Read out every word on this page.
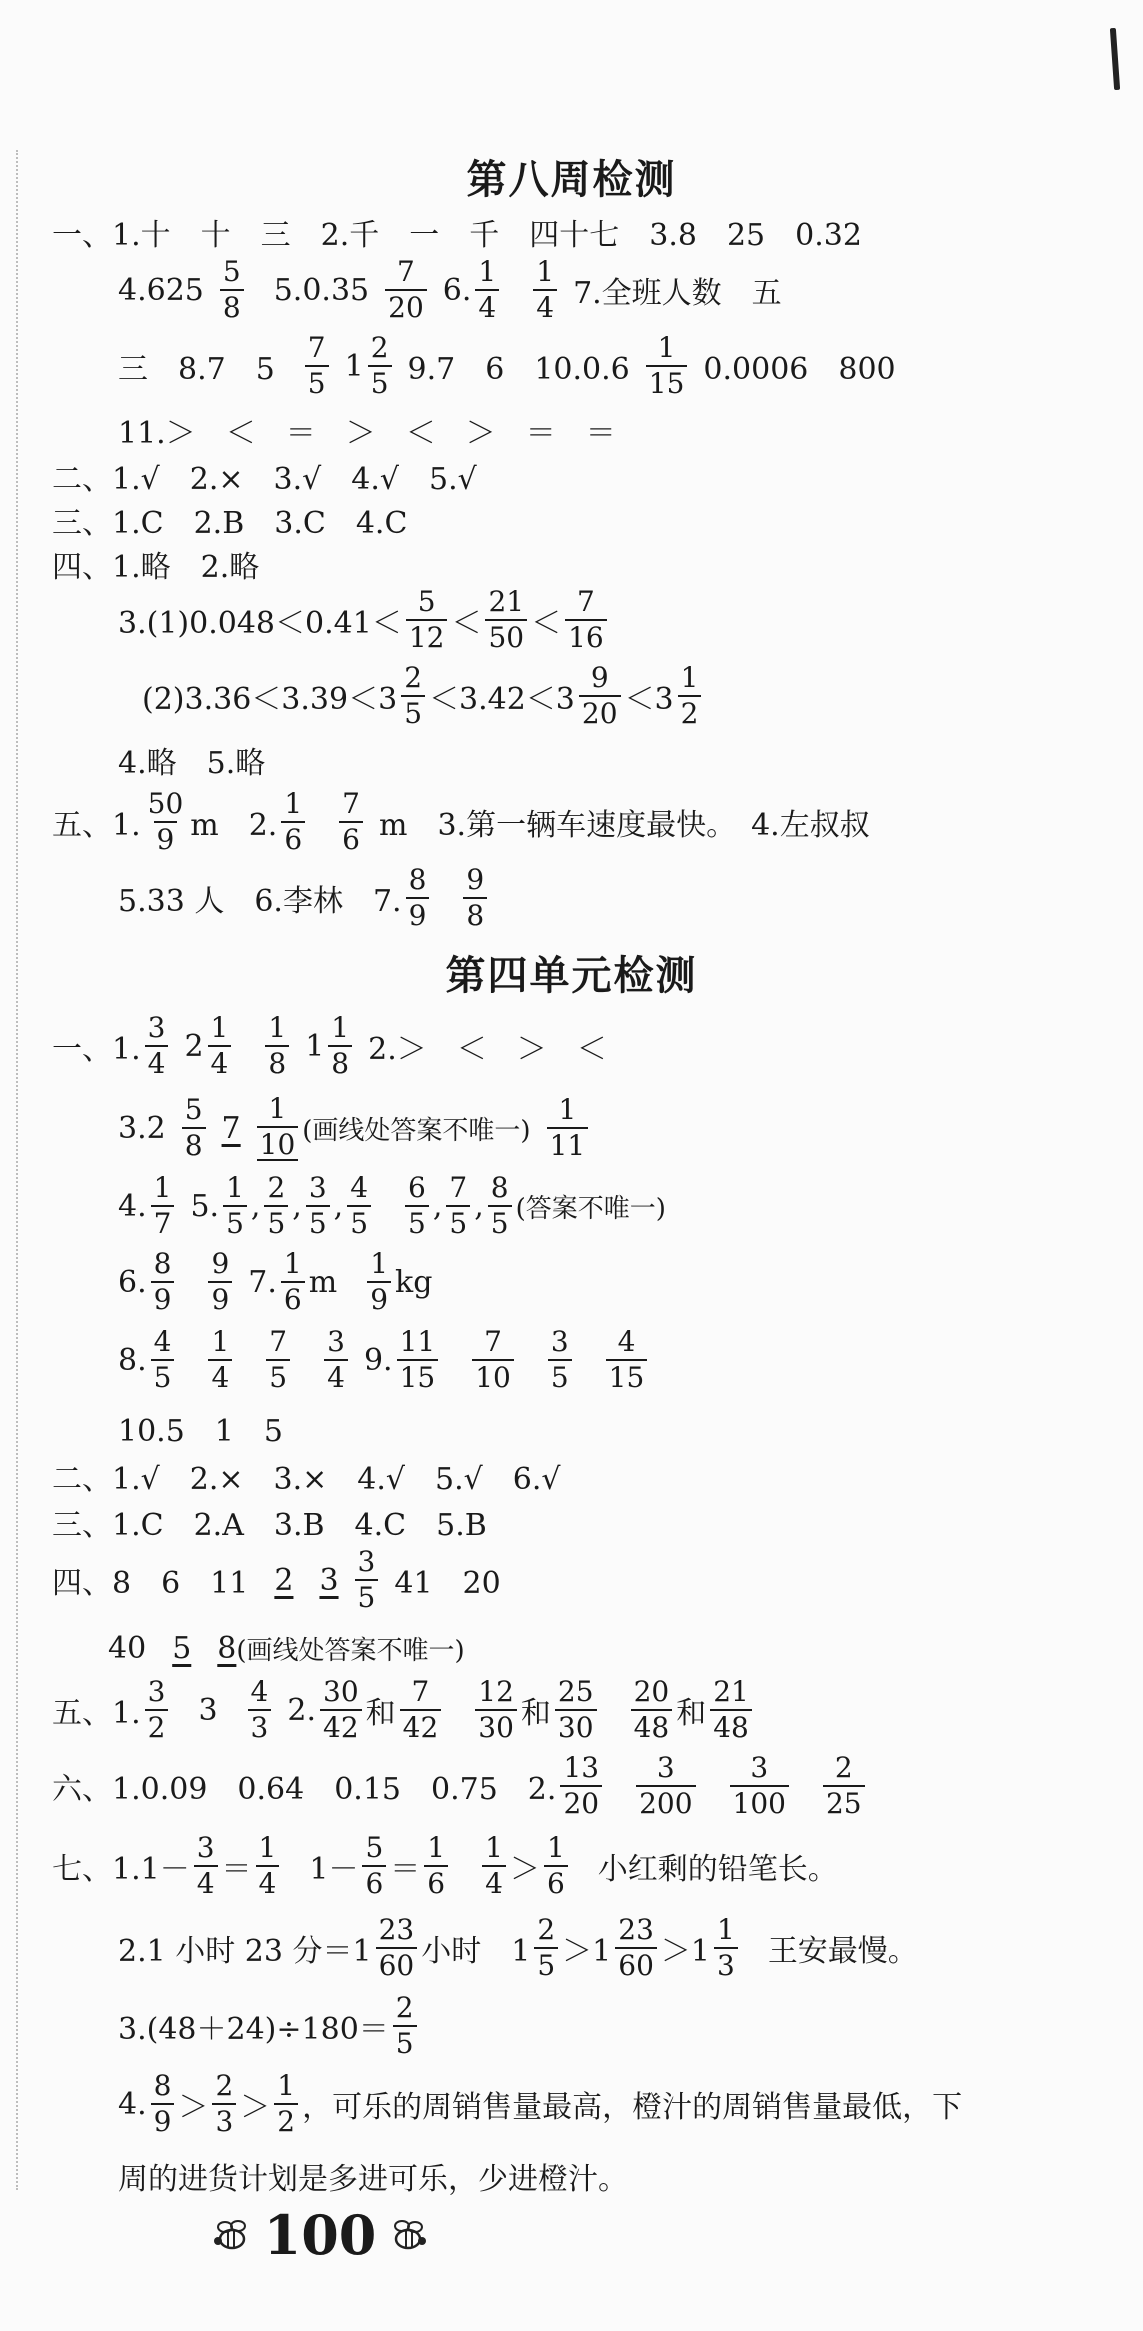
第八周检测
一、1.十　十　三　2.千　一　千　四十七　3.8　25　0.32
4.625
5
8 5.0.35
7
20 6.
1
4
1
4 7.全班人数　五
三　8.7　5
7
5 1
2
5 9.7　6　10.0.6
1
15 0.0006　800
11.＞　＜　＝　＞　＜　＞　＝　＝
二、1.√　2.×　3.√　4.√　5.√
三、1.C　2.B　3.C　4.C
四、1.略　2.略
3.(1)0.048＜0.41＜
5
12 ＜
21
50 ＜
7
16
(2)3.36＜3.39＜3
2
5 ＜3.42＜3
9
20 ＜3
1
2
4.略　5.略
五、1.
50
9 m　2.
1
6
7
6 m　3.第一辆车速度最快。　4.左叔叔
5.33 人　6.李林　7.
8
9
9
8
第四单元检测
一、1.
3
4 2
1
4
1
8 1
1
8 2.＞　＜　＞　＜
3.2
5
8 7
1
10 (画线处答案不唯一)
1
11
4.
1
7 5.
1
5 ,
2
5 ,
3
5 ,
4
5
6
5 ,
7
5 ,
8
5 (答案不唯一)
6.
8
9
9
9 7.
1
6 m
1
9 kg
8.
4
5
1
4
7
5
3
4 9.
11
15
7
10
3
5
4
15
10.5　1　5
二、1.√　2.×　3.×　4.√　5.√　6.√
三、1.C　2.A　3.B　4.C　5.B
四、8　6　11 2 3
3
5 41　20
40 5 8 (画线处答案不唯一)
五、1.
3
2 3
4
3 2.
30
42 和
7
42
12
30 和
25
30
20
48 和
21
48
六、1.0.09　0.64　0.15　0.75　2.
13
20
3
200
3
100
2
25
七、1.1－
3
4 ＝
1
4 1－
5
6 ＝
1
6
1
4 ＞
1
6 小红剩的铅笔长。
2.1 小时 23 分＝1
23
60 小时　1
2
5 ＞1
23
60 ＞1
1
3 王安最慢。
3.(48＋24)÷180＝
2
5
4.
8
9 ＞
2
3 ＞
1
2 ，可乐的周销售量最高，橙汁的周销售量最低，下
周的进货计划是多进可乐，少进橙汁。
100
